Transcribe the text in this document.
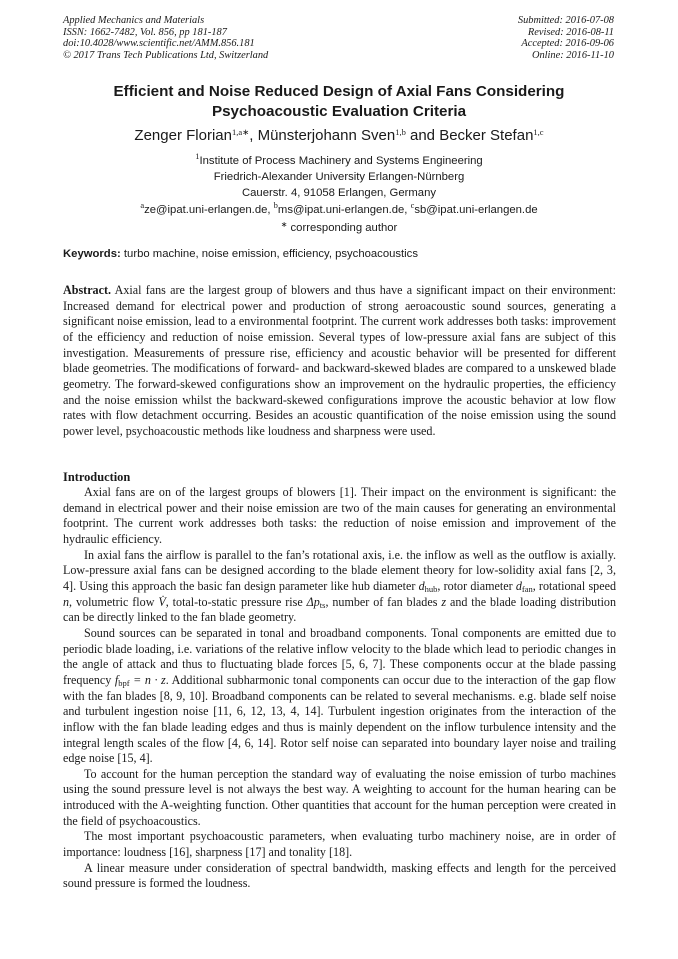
Applied Mechanics and Materials
ISSN: 1662-7482, Vol. 856, pp 181-187
doi:10.4028/www.scientific.net/AMM.856.181
© 2017 Trans Tech Publications Ltd, Switzerland
Submitted: 2016-07-08
Revised: 2016-08-11
Accepted: 2016-09-06
Online: 2016-11-10
Efficient and Noise Reduced Design of Axial Fans Considering
Psychoacoustic Evaluation Criteria
Zenger Florian$^{1,a∗}$, Münsterjohann Sven$^{1,b}$ and Becker Stefan$^{1,c}$
$^1$Institute of Process Machinery and Systems Engineering
Friedrich-Alexander University Erlangen-Nürnberg
Cauerstr. 4, 91058 Erlangen, Germany
$^a$ze@ipat.uni-erlangen.de, $^b$ms@ipat.uni-erlangen.de, $^c$sb@ipat.uni-erlangen.de
∗ corresponding author
Keywords: turbo machine, noise emission, efficiency, psychoacoustics

Abstract. Axial fans are the largest group of blowers and thus have a significant impact on their environment: Increased demand for electrical power and production of strong aeroacoustic sound sources, generating a significant noise emission, lead to a environmental footprint. The current work addresses both tasks: improvement of the efficiency and reduction of noise emission. Several types of low-pressure axial fans are subject of this investigation. Measurements of pressure rise, efficiency and acoustic behavior will be presented for different blade geometries. The modifications of forward- and backward-skewed blades are compared to a unskewed blade geometry. The forward-skewed configurations show an improvement on the hydraulic properties, the efficiency and the noise emission whilst the backward-skewed configurations improve the acoustic behavior at low flow rates with flow detachment occurring. Besides an acoustic quantification of the noise emission using the sound power level, psychoacoustic methods like loudness and sharpness were used.

Introduction

Axial fans are on of the largest groups of blowers [1]. Their impact on the environment is significant: the demand in electrical power and their noise emission are two of the main causes for generating an environmental footprint. The current work addresses both tasks: the reduction of noise emission and improvement of the hydraulic efficiency.

In axial fans the airflow is parallel to the fan’s rotational axis, i.e. the inflow as well as the outflow is axially. Low-pressure axial fans can be designed according to the blade element theory for low-solidity axial fans [2, 3, 4]. Using this approach the basic fan design parameter like hub diameter $d_{hub}$, rotor diameter $d_{fan}$, rotational speed n, volumetric flow V̇, total-to-static pressure rise $\Delta p_{ts}$, number of fan blades z and the blade loading distribution can be directly linked to the fan blade geometry.

Sound sources can be separated in tonal and broadband components. Tonal components are emitted due to periodic blade loading, i.e. variations of the relative inflow velocity to the blade which lead to periodic changes in the angle of attack and thus to fluctuating blade forces [5, 6, 7]. These components occur at the blade passing frequency $f_{bpf} = n \cdot z$. Additional subharmonic tonal components can occur due to the interaction of the gap flow with the fan blades [8, 9, 10]. Broadband components can be related to several mechanisms. e.g. blade self noise and turbulent ingestion noise [11, 6, 12, 13, 4, 14]. Turbulent ingestion originates from the interaction of the inflow with the fan blade leading edges and thus is mainly dependent on the inflow turbulence intensity and the integral length scales of the flow [4, 6, 14]. Rotor self noise can separated into boundary layer noise and trailing edge noise [15, 4].

To account for the human perception the standard way of evaluating the noise emission of turbo machines using the sound pressure level is not always the best way. A weighting to account for the human hearing can be introduced with the A-weighting function. Other quantities that account for the human perception were created in the field of psychoacoustics.

The most important psychoacoustic parameters, when evaluating turbo machinery noise, are in order of importance: loudness [16], sharpness [17] and tonality [18].

A linear measure under consideration of spectral bandwidth, masking effects and length for the perceived sound pressure is formed the loudness.
